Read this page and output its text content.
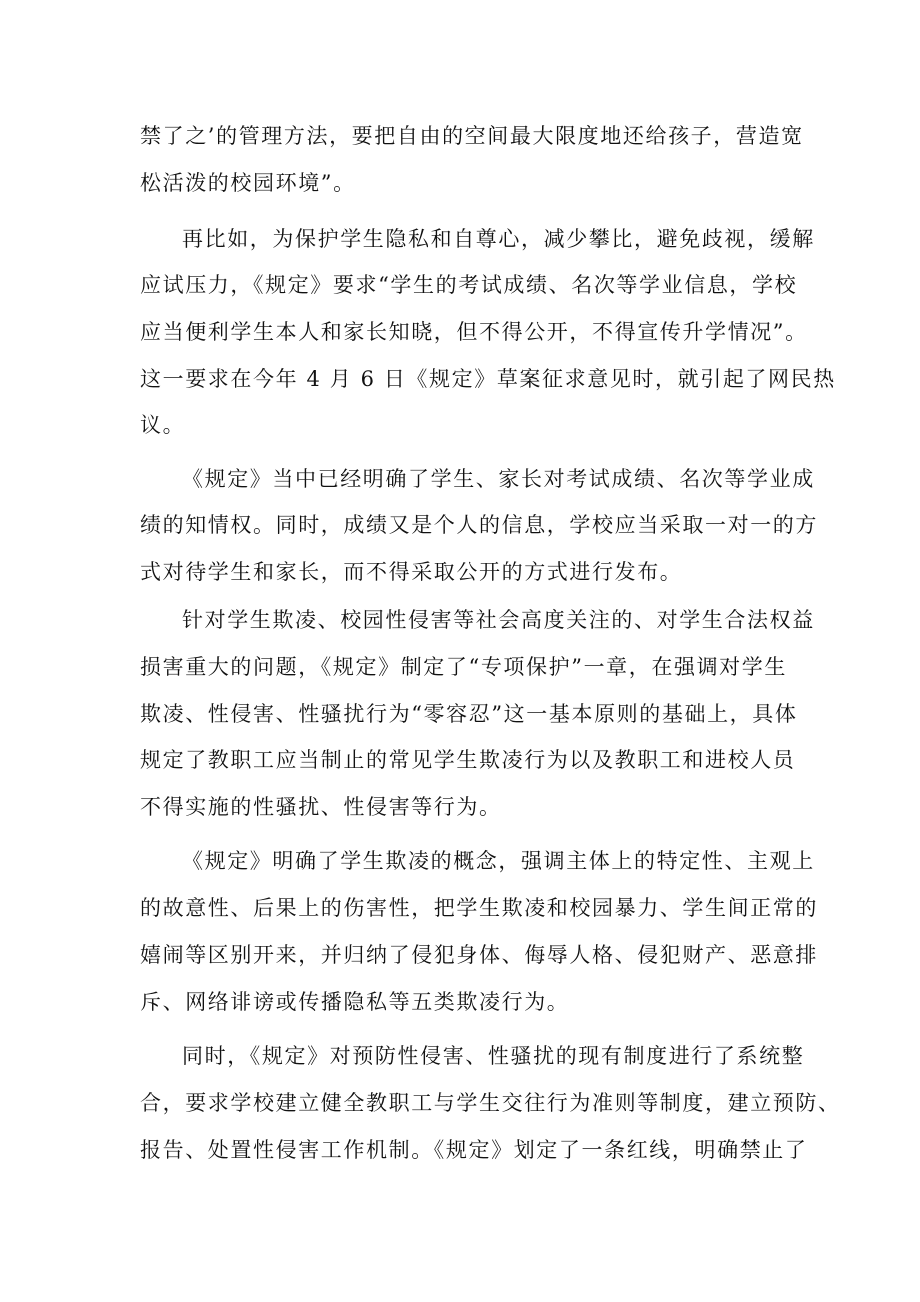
禁了之’的管理方法，要把自由的空间最大限度地还给孩子，营造宽
松活泼的校园环境”。
再比如，为保护学生隐私和自尊心，减少攀比，避免歧视，缓解
应试压力，《规定》要求“学生的考试成绩、名次等学业信息，学校
应当便利学生本人和家长知晓，但不得公开，不得宣传升学情况”。
这一要求在今年 4 月 6 日《规定》草案征求意见时，就引起了网民热
议。
《规定》当中已经明确了学生、家长对考试成绩、名次等学业成
绩的知情权。同时，成绩又是个人的信息，学校应当采取一对一的方
式对待学生和家长，而不得采取公开的方式进行发布。
针对学生欺凌、校园性侵害等社会高度关注的、对学生合法权益
损害重大的问题，《规定》制定了“专项保护”一章，在强调对学生
欺凌、性侵害、性骚扰行为“零容忍”这一基本原则的基础上，具体
规定了教职工应当制止的常见学生欺凌行为以及教职工和进校人员
不得实施的性骚扰、性侵害等行为。
《规定》明确了学生欺凌的概念，强调主体上的特定性、主观上
的故意性、后果上的伤害性，把学生欺凌和校园暴力、学生间正常的
嬉闹等区别开来，并归纳了侵犯身体、侮辱人格、侵犯财产、恶意排
斥、网络诽谤或传播隐私等五类欺凌行为。
同时，《规定》对预防性侵害、性骚扰的现有制度进行了系统整
合，要求学校建立健全教职工与学生交往行为准则等制度，建立预防、
报告、处置性侵害工作机制。《规定》划定了一条红线，明确禁止了
